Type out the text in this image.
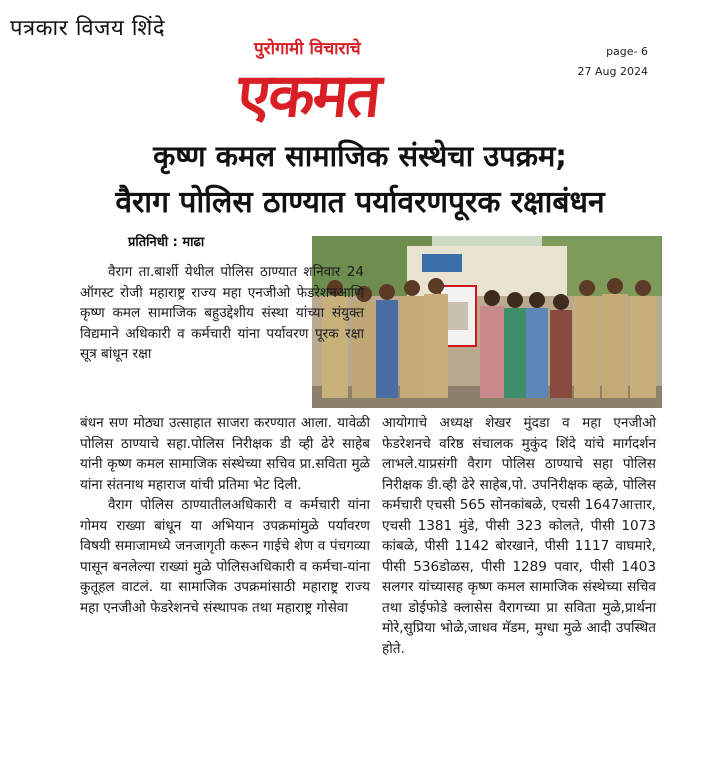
पत्रकार विजय शिंदे
पुरोगामी विचाराचे
एकमत
page- 6
27 Aug 2024
कृष्ण कमल सामाजिक संस्थेचा उपक्रम;
वैराग पोलिस ठाण्यात पर्यावरणपूरक रक्षाबंधन
प्रतिनिधी : माढा

वैराग ता.बार्शी येथील पोलिस ठाण्यात शनिवार 24 ऑगस्ट रोजी महाराष्ट्र राज्य महा एनजीओ फेडरेशनआणि कृष्ण कमल सामाजिक बहुउद्देशीय संस्था यांच्या संयुक्त विद्यमाने अधिकारी व कर्मचारी यांना पर्यावरण पूरक रक्षा सूत्र बांधून रक्षा

बंधन सण मोठ्या उत्साहात साजरा करण्यात आला. यावेळी पोलिस ठाण्याचे सहा.पोलिस निरीक्षक डी व्ही ढेरे साहेब यांनी कृष्ण कमल सामाजिक संस्थेच्या सचिव प्रा.सविता मुळे यांना संतनाथ महाराज यांची प्रतिमा भेट दिली.

वैराग पोलिस ठाण्यातीलअधिकारी व कर्मचारी यांना गोमय राख्या बांधून या अभियान उपक्रमांमुळे पर्यावरण विषयी समाजामध्ये जनजागृती करून गाईचे शेण व पंचगव्या पासून बनलेल्या राख्यां मुळे पोलिसअधिकारी व कर्मचा-यांना कुतूहल वाटलं. या सामाजिक उपक्रमांसाठी महाराष्ट्र राज्य महा एनजीओ फेडरेशनचे संस्थापक तथा महाराष्ट्र गोसेवा

आयोगाचे अध्यक्ष शेखर मुंदडा व महा एनजीओ फेडरेशनचे वरिष्ठ संचालक मुकुंद शिंदे यांचे मार्गदर्शन लाभले.याप्रसंगी वैराग पोलिस ठाण्याचे सहा पोलिस निरीक्षक डी.व्ही ढेरे साहेब,पो. उपनिरीक्षक व्हळे, पोलिस कर्मचारी एचसी 565 सोनकांबळे, एचसी 1647आत्तार, एचसी 1381 मुंडे, पीसी 323 कोलते, पीसी 1073 कांबळे, पीसी 1142 बोरखाने, पीसी 1117 वाघमारे, पीसी 536डोळस, पीसी 1289 पवार, पीसी 1403 सलगर यांच्यासह कृष्ण कमल सामाजिक संस्थेच्या सचिव तथा डोईफोडे क्लासेस वैरागच्या प्रा सविता मुळे,प्रार्थना मोरे,सुप्रिया भोळे,जाधव मॅडम, मुग्धा मुळे आदी उपस्थित होते.
